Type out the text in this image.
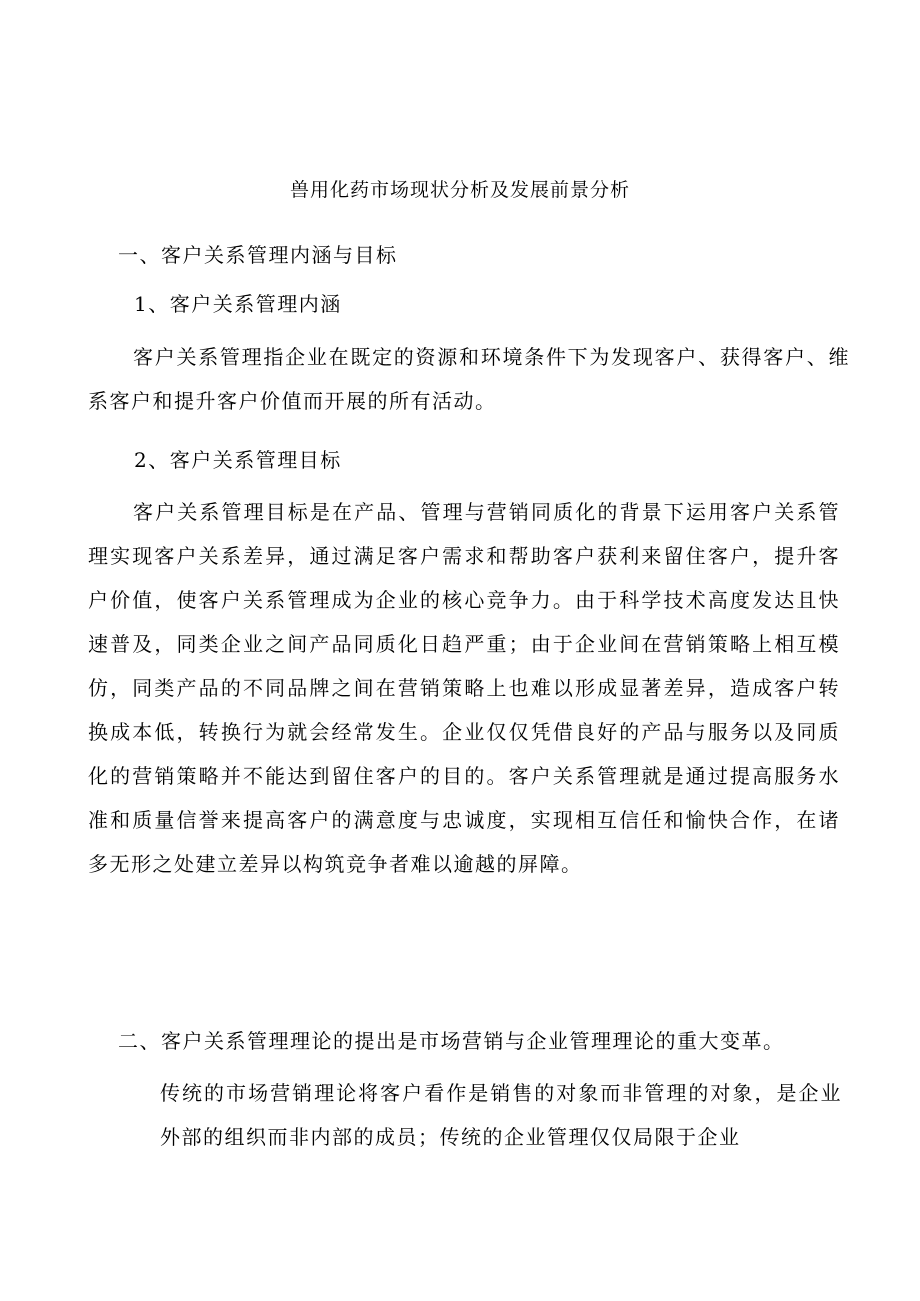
兽用化药市场现状分析及发展前景分析
一、客户关系管理内涵与目标
1、客户关系管理内涵

客户关系管理指企业在既定的资源和环境条件下为发现客户、获得客户、维系客户和提升客户价值而开展的所有活动。

2、客户关系管理目标

客户关系管理目标是在产品、管理与营销同质化的背景下运用客户关系管理实现客户关系差异，通过满足客户需求和帮助客户获利来留住客户，提升客户价值，使客户关系管理成为企业的核心竞争力。由于科学技术高度发达且快速普及，同类企业之间产品同质化日趋严重；由于企业间在营销策略上相互模仿，同类产品的不同品牌之间在营销策略上也难以形成显著差异，造成客户转换成本低，转换行为就会经常发生。企业仅仅凭借良好的产品与服务以及同质化的营销策略并不能达到留住客户的目的。客户关系管理就是通过提高服务水准和质量信誉来提高客户的满意度与忠诚度，实现相互信任和愉快合作，在诸多无形之处建立差异以构筑竞争者难以逾越的屏障。

二、客户关系管理理论的提出是市场营销与企业管理理论的重大变革。

传统的市场营销理论将客户看作是销售的对象而非管理的对象，是企业外部的组织而非内部的成员；传统的企业管理仅仅局限于企业
